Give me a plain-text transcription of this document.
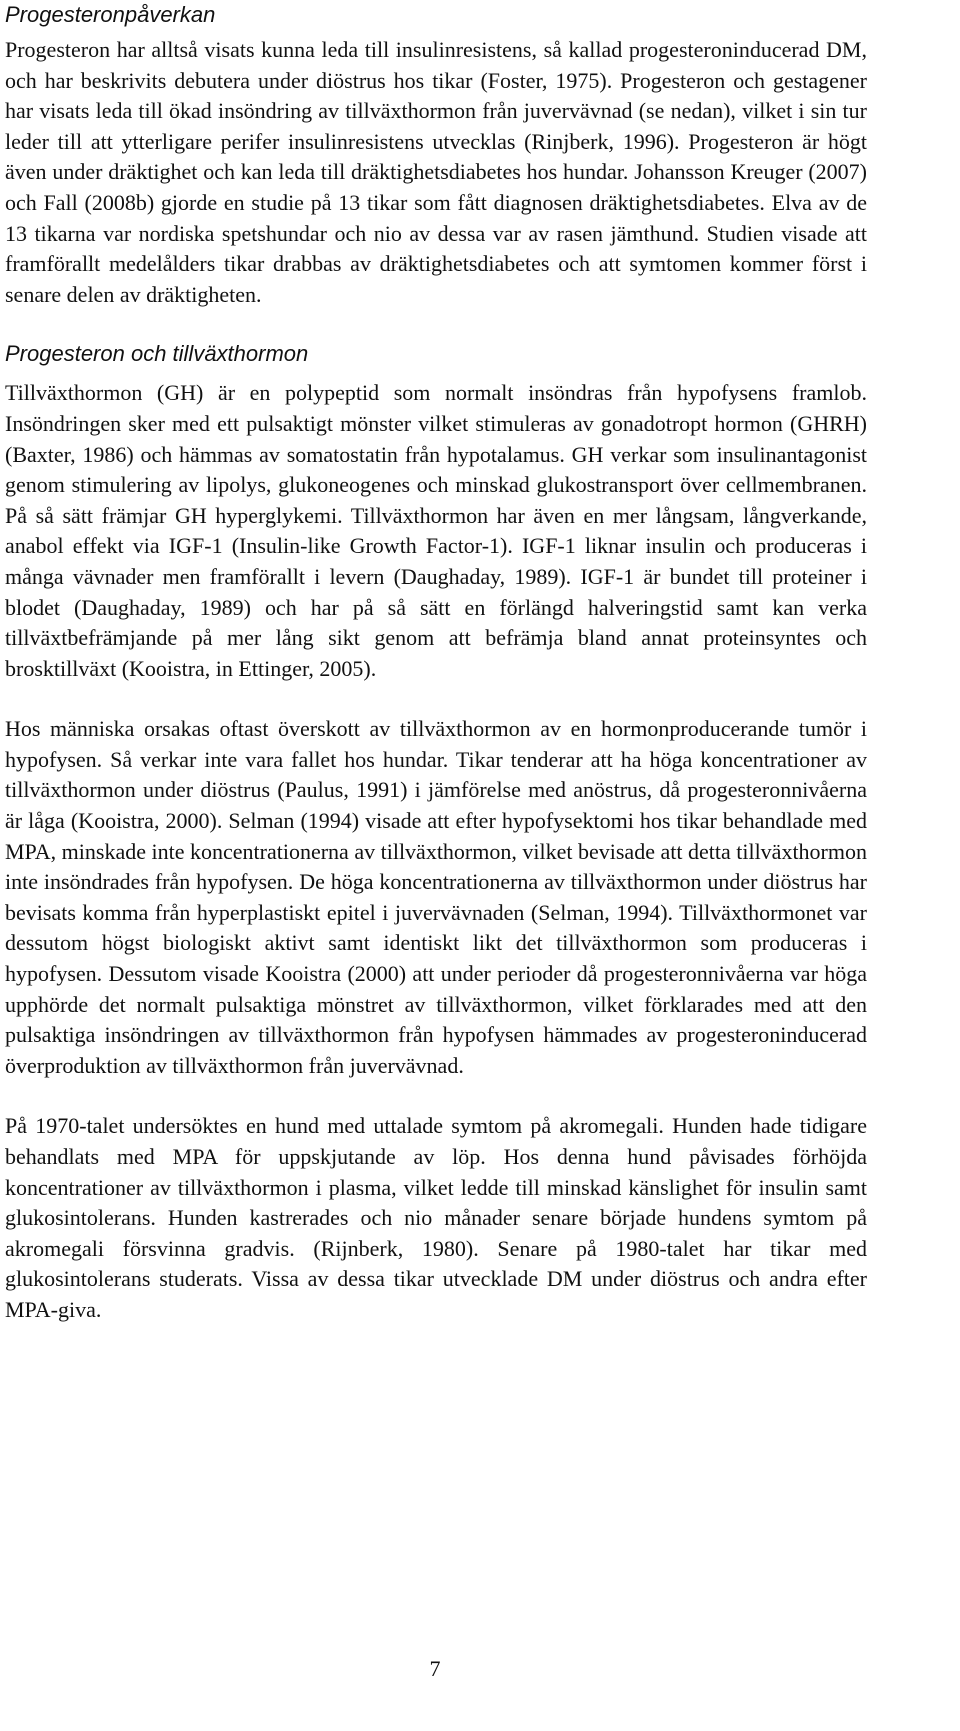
Progesteronpåverkan

Progesteron har alltså visats kunna leda till insulinresistens, så kallad progesteroninducerad DM, och har beskrivits debutera under diöstrus hos tikar (Foster, 1975). Progesteron och gestagener har visats leda till ökad insöndring av tillväxthormon från juvervävnad (se nedan), vilket i sin tur leder till att ytterligare perifer insulinresistens utvecklas (Rinjberk, 1996). Progesteron är högt även under dräktighet och kan leda till dräktighetsdiabetes hos hundar. Johansson Kreuger (2007) och Fall (2008b) gjorde en studie på 13 tikar som fått diagnosen dräktighetsdiabetes. Elva av de 13 tikarna var nordiska spetshundar och nio av dessa var av rasen jämthund. Studien visade att framförallt medelålders tikar drabbas av dräktighetsdiabetes och att symtomen kommer först i senare delen av dräktigheten.

Progesteron och tillväxthormon

Tillväxthormon (GH) är en polypeptid som normalt insöndras från hypofysens framlob. Insöndringen sker med ett pulsaktigt mönster vilket stimuleras av gonadotropt hormon (GHRH) (Baxter, 1986) och hämmas av somatostatin från hypotalamus. GH verkar som insulinantagonist genom stimulering av lipolys, glukoneogenes och minskad glukostransport över cellmembranen. På så sätt främjar GH hyperglykemi. Tillväxthormon har även en mer långsam, långverkande, anabol effekt via IGF-1 (Insulin-like Growth Factor-1). IGF-1 liknar insulin och produceras i många vävnader men framförallt i levern (Daughaday, 1989). IGF-1 är bundet till proteiner i blodet (Daughaday, 1989) och har på så sätt en förlängd halveringstid samt kan verka tillväxtbefrämjande på mer lång sikt genom att befrämja bland annat proteinsyntes och brosktillväxt (Kooistra, in Ettinger, 2005).

Hos människa orsakas oftast överskott av tillväxthormon av en hormonproducerande tumör i hypofysen. Så verkar inte vara fallet hos hundar. Tikar tenderar att ha höga koncentrationer av tillväxthormon under diöstrus (Paulus, 1991) i jämförelse med anöstrus, då progesteronnivåerna är låga (Kooistra, 2000). Selman (1994) visade att efter hypofysektomi hos tikar behandlade med MPA, minskade inte koncentrationerna av tillväxthormon, vilket bevisade att detta tillväxthormon inte insöndrades från hypofysen. De höga koncentrationerna av tillväxthormon under diöstrus har bevisats komma från hyperplastiskt epitel i juvervävnaden (Selman, 1994). Tillväxthormonet var dessutom högst biologiskt aktivt samt identiskt likt det tillväxthormon som produceras i hypofysen. Dessutom visade Kooistra (2000) att under perioder då progesteronnivåerna var höga upphörde det normalt pulsaktiga mönstret av tillväxthormon, vilket förklarades med att den pulsaktiga insöndringen av tillväxthormon från hypofysen hämmades av progesteroninducerad överproduktion av tillväxthormon från juvervävnad.

På 1970-talet undersöktes en hund med uttalade symtom på akromegali. Hunden hade tidigare behandlats med MPA för uppskjutande av löp. Hos denna hund påvisades förhöjda koncentrationer av tillväxthormon i plasma, vilket ledde till minskad känslighet för insulin samt glukosintolerans. Hunden kastrerades och nio månader senare började hundens symtom på akromegali försvinna gradvis. (Rijnberk, 1980). Senare på 1980-talet har tikar med glukosintolerans studerats. Vissa av dessa tikar utvecklade DM under diöstrus och andra efter MPA-giva.

7
